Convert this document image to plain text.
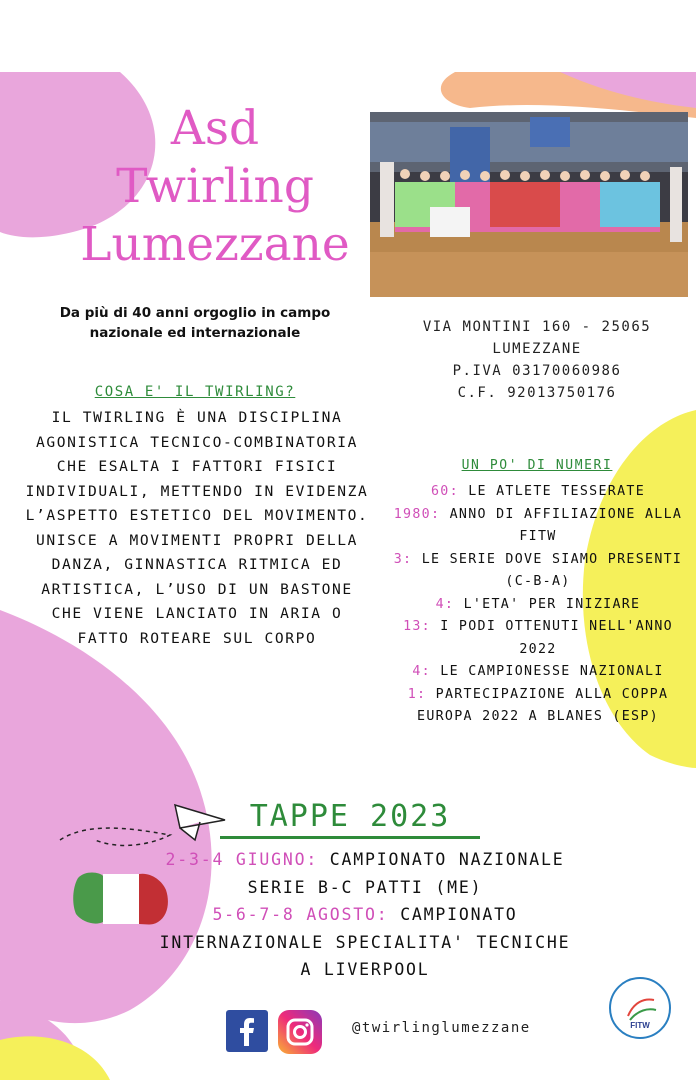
Asd
Twirling
Lumezzane
Da più di 40 anni orgoglio in campo
nazionale ed internazionale	VIA MONTINI 160 - 25065
LUMEZZANE
P.IVA 03170060986
C.F. 92013750176
COSA E' IL TWIRLING?
IL TWIRLING È UNA DISCIPLINA AGONISTICA TECNICO-COMBINATORIA CHE ESALTA I FATTORI FISICI INDIVIDUALI, METTENDO IN EVIDENZA L’ASPETTO ESTETICO DEL MOVIMENTO. UNISCE A MOVIMENTI PROPRI DELLA DANZA, GINNASTICA RITMICA ED ARTISTICA, L’USO DI UN BASTONE CHE VIENE LANCIATO IN ARIA O FATTO ROTEARE SUL CORPO
UN PO' DI NUMERI
60: LE ATLETE TESSERATE
1980: ANNO DI AFFILIAZIONE ALLA FITW
3: LE SERIE DOVE SIAMO PRESENTI (C-B-A)
4: L'ETA' PER INIZIARE
13: I PODI OTTENUTI NELL'ANNO 2022
4: LE CAMPIONESSE NAZIONALI
1: PARTECIPAZIONE ALLA COPPA EUROPA 2022 A BLANES (ESP)
TAPPE 2023
2-3-4 GIUGNO: CAMPIONATO NAZIONALE SERIE B-C PATTI (ME)
5-6-7-8 AGOSTO: CAMPIONATO INTERNAZIONALE SPECIALITA' TECNICHE A LIVERPOOL
@twirlinglumezzane	FITW
